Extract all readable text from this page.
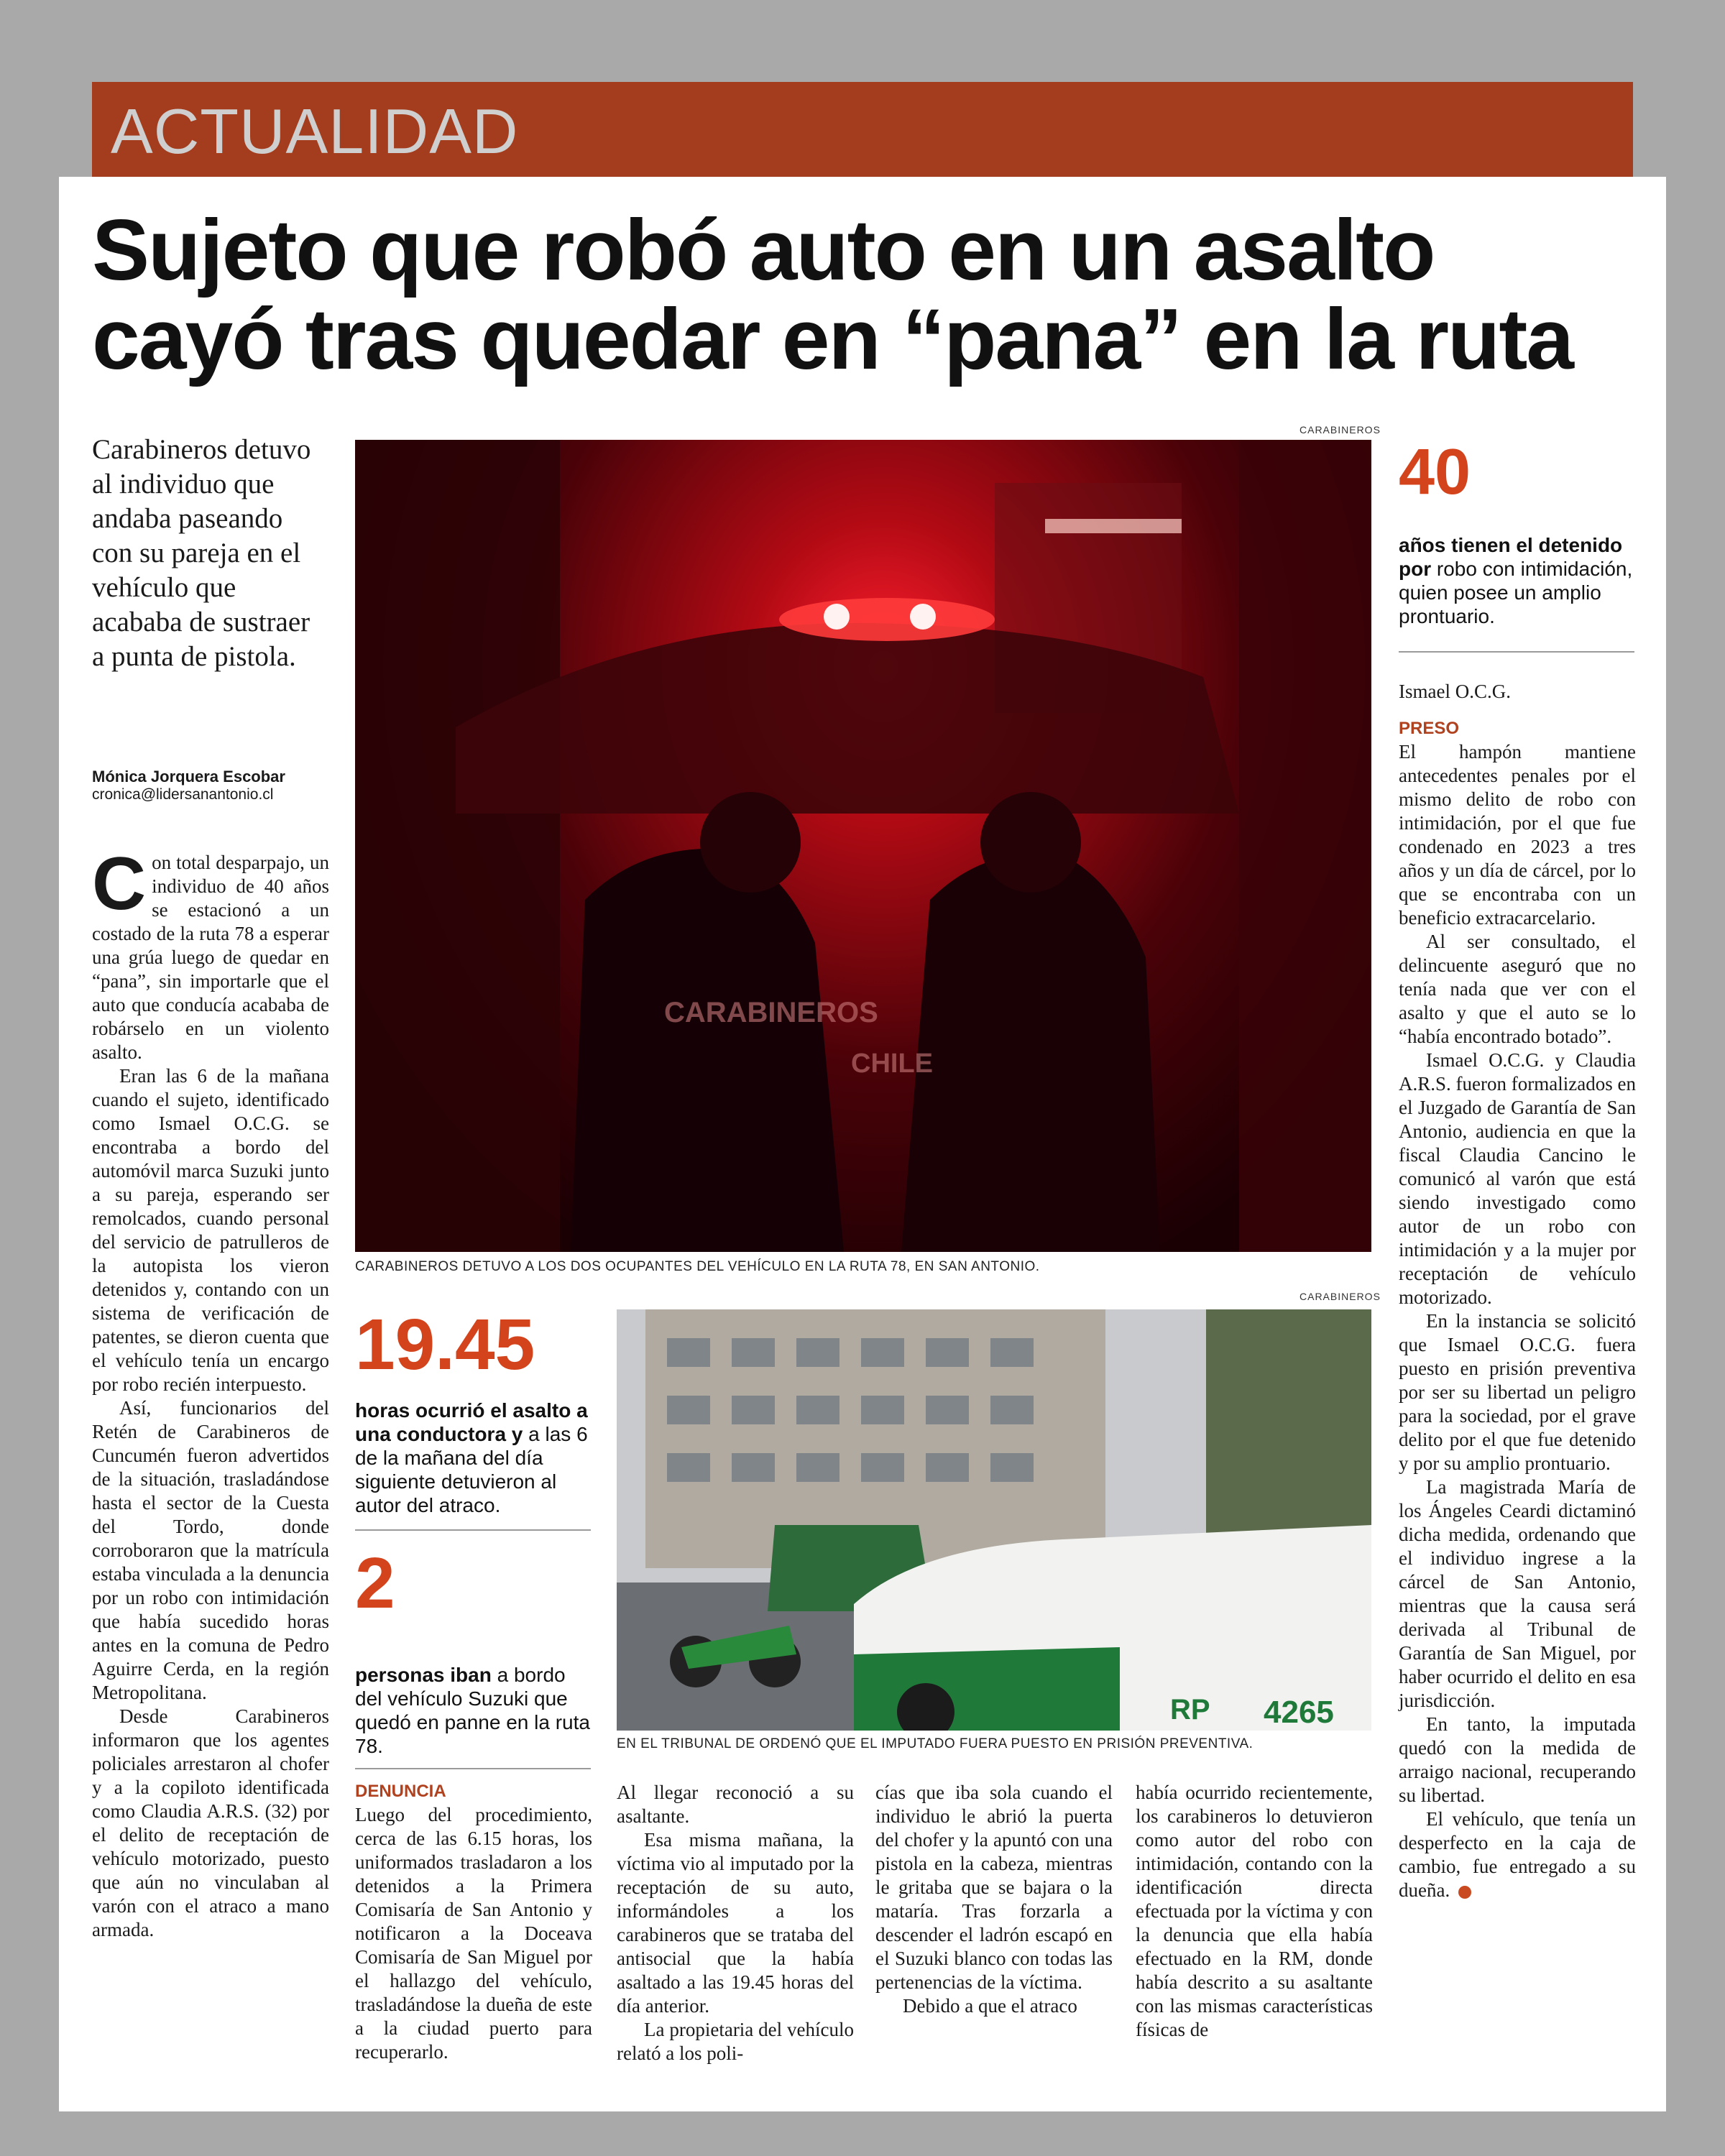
ACTUALIDAD
Sujeto que robó auto en un asalto cayó tras quedar en “pana” en la ruta

Carabineros detuvo al individuo que andaba paseando con su pareja en el vehículo que acababa de sustraer a punta de pistola.

Mónica Jorquera Escobar
cronica@lidersanantonio.cl
CARABINEROS
CARABINEROS
CHILE
CARABINEROS DETUVO A LOS DOS OCUPANTES DEL VEHÍCULO EN LA RUTA 78, EN SAN ANTONIO.
CARABINEROS
RP 4265
EN EL TRIBUNAL DE ORDENÓ QUE EL IMPUTADO FUERA PUESTO EN PRISIÓN PREVENTIVA.
19.45
horas ocurrió el asalto a una conductora y a las 6 de la mañana del día siguiente detuvieron al autor del atraco.
2
personas iban a bordo del vehículo Suzuki que quedó en panne en la ruta 78.
40
años tienen el detenido por robo con intimidación, quien posee un amplio prontuario.

Con total desparpajo, un individuo de 40 años se estacionó a un costado de la ruta 78 a esperar una grúa luego de quedar en “pana”, sin importarle que el auto que conducía acababa de robárselo en un violento asalto.

Eran las 6 de la mañana cuando el sujeto, identificado como Ismael O.C.G. se encontraba a bordo del automóvil marca Suzuki junto a su pareja, esperando ser remolcados, cuando personal del servicio de patrulleros de la autopista los vieron detenidos y, contando con un sistema de verificación de patentes, se dieron cuenta que el vehículo tenía un encargo por robo recién interpuesto.

Así, funcionarios del Retén de Carabineros de Cuncumén fueron advertidos de la situación, trasladándose hasta el sector de la Cuesta del Tordo, donde corroboraron que la matrícula estaba vinculada a la denuncia por un robo con intimidación que había sucedido horas antes en la comuna de Pedro Aguirre Cerda, en la región Metropolitana.

Desde Carabineros informaron que los agentes policiales arrestaron al chofer y a la copiloto identificada como Claudia A.R.S. (32) por el delito de receptación de vehículo motorizado, puesto que aún no vinculaban al varón con el atraco a mano armada.

DENUNCIA

Luego del procedimiento, cerca de las 6.15 horas, los uniformados trasladaron a los detenidos a la Primera Comisaría de San Antonio y notificaron a la Doceava Comisaría de San Miguel por el hallazgo del vehículo, trasladándose la dueña de este a la ciudad puerto para recuperarlo.

Al llegar reconoció a su asaltante.

Esa misma mañana, la víctima vio al imputado por la receptación de su auto, informándoles a los carabineros que se trataba del antisocial que la había asaltado a las 19.45 horas del día anterior.

La propietaria del vehículo relató a los poli-

cías que iba sola cuando el individuo le abrió la puerta del chofer y la apuntó con una pistola en la cabeza, mientras le gritaba que se bajara o la mataría. Tras forzarla a descender el ladrón escapó en el Suzuki blanco con todas las pertenencias de la víctima.

Debido a que el atraco

había ocurrido recientemente, los carabineros lo detuvieron como autor del robo con intimidación, contando con la identificación directa efectuada por la víctima y con la denuncia que ella había efectuado en la RM, donde había descrito a su asaltante con las mismas características físicas de

Ismael O.C.G.

PRESO

El hampón mantiene antecedentes penales por el mismo delito de robo con intimidación, por el que fue condenado en 2023 a tres años y un día de cárcel, por lo que se encontraba con un beneficio extracarcelario.

Al ser consultado, el delincuente aseguró que no tenía nada que ver con el asalto y que el auto se lo “había encontrado botado”.

Ismael O.C.G. y Claudia A.R.S. fueron formalizados en el Juzgado de Garantía de San Antonio, audiencia en que la fiscal Claudia Cancino le comunicó al varón que está siendo investigado como autor de un robo con intimidación y a la mujer por receptación de vehículo motorizado.

En la instancia se solicitó que Ismael O.C.G. fuera puesto en prisión preventiva por ser su libertad un peligro para la sociedad, por el grave delito por el que fue detenido y por su amplio prontuario.

La magistrada María de los Ángeles Ceardi dictaminó dicha medida, ordenando que el individuo ingrese a la cárcel de San Antonio, mientras que la causa será derivada al Tribunal de Garantía de San Miguel, por haber ocurrido el delito en esa jurisdicción.

En tanto, la imputada quedó con la medida de arraigo nacional, recuperando su libertad.

El vehículo, que tenía un desperfecto en la caja de cambio, fue entregado a su dueña.
